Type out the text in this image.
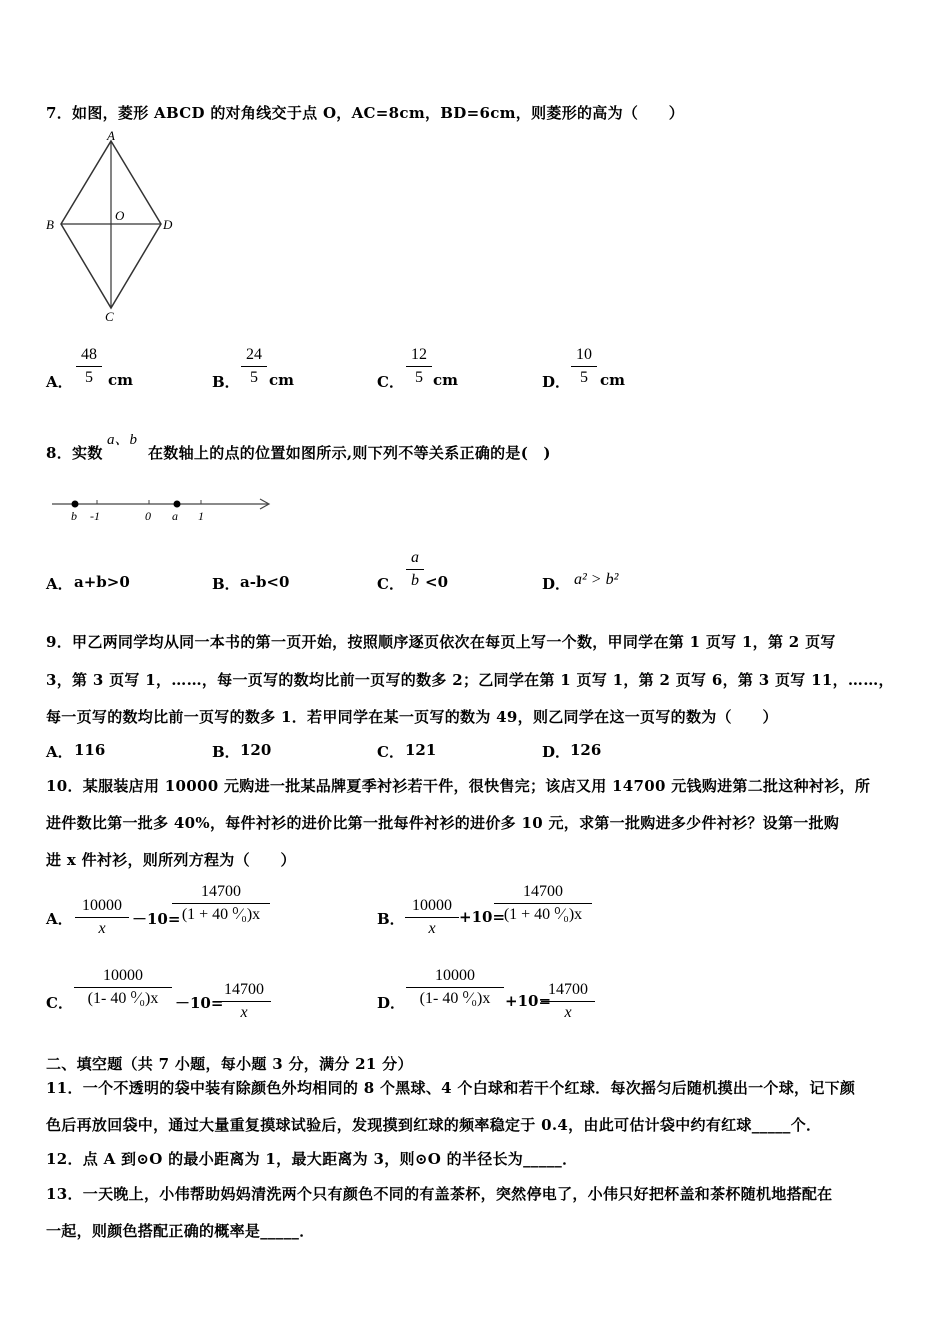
7．如图，菱形 ABCD 的对角线交于点 O，AC=8cm，BD=6cm，则菱形的高为（　　）
A
B	D
C
O
A．
48
5	cm	B．
24
5 cm	C．
12
5 cm	D．
10
5 cm
8．实数
a、b
在数轴上的点的位置如图所示,则下列不等关系正确的是(　)
b -1	0 a 1
A． a+b>0	B． a-b<0	C．
a
b <0	D． a² > b²
9．甲乙两同学均从同一本书的第一页开始，按照顺序逐页依次在每页上写一个数，甲同学在第 1 页写 1，第 2 页写
3，第 3 页写 1，……，每一页写的数均比前一页写的数多 2；乙同学在第 1 页写 1，第 2 页写 6，第 3 页写 11，……，
每一页写的数均比前一页写的数多 1．若甲同学在某一页写的数为 49，则乙同学在这一页写的数为（　　）
A． 116	B． 120	C． 121	D． 126
10．某服装店用 10000 元购进一批某品牌夏季衬衫若干件，很快售完；该店又用 14700 元钱购进第二批这种衬衫，所
进件数比第一批多 40%，每件衬衫的进价比第一批每件衬衫的进价多 10 元，求第一批购进多少件衬衫？设第一批购
进 x 件衬衫，则所列方程为（　　）
A．
10000
x
－10=
14700
(1 + 40 ⁰⁄₀)x	B．
10000
x
+10=
14700
(1 + 40 ⁰⁄₀)x
C．
10000
(1- 40 ⁰⁄₀)x	－10=
14700
x
D．
10000
(1- 40 ⁰⁄₀)x +10=
14700
x
二、填空题（共 7 小题，每小题 3 分，满分 21 分）
11．一个不透明的袋中装有除颜色外均相同的 8 个黑球、4 个白球和若干个红球．每次摇匀后随机摸出一个球，记下颜
色后再放回袋中，通过大量重复摸球试验后，发现摸到红球的频率稳定于 0.4，由此可估计袋中约有红球_____个．
12．点 A 到⊙O 的最小距离为 1，最大距离为 3，则⊙O 的半径长为_____．
13．一天晚上，小伟帮助妈妈清洗两个只有颜色不同的有盖茶杯，突然停电了，小伟只好把杯盖和茶杯随机地搭配在
一起，则颜色搭配正确的概率是_____．
